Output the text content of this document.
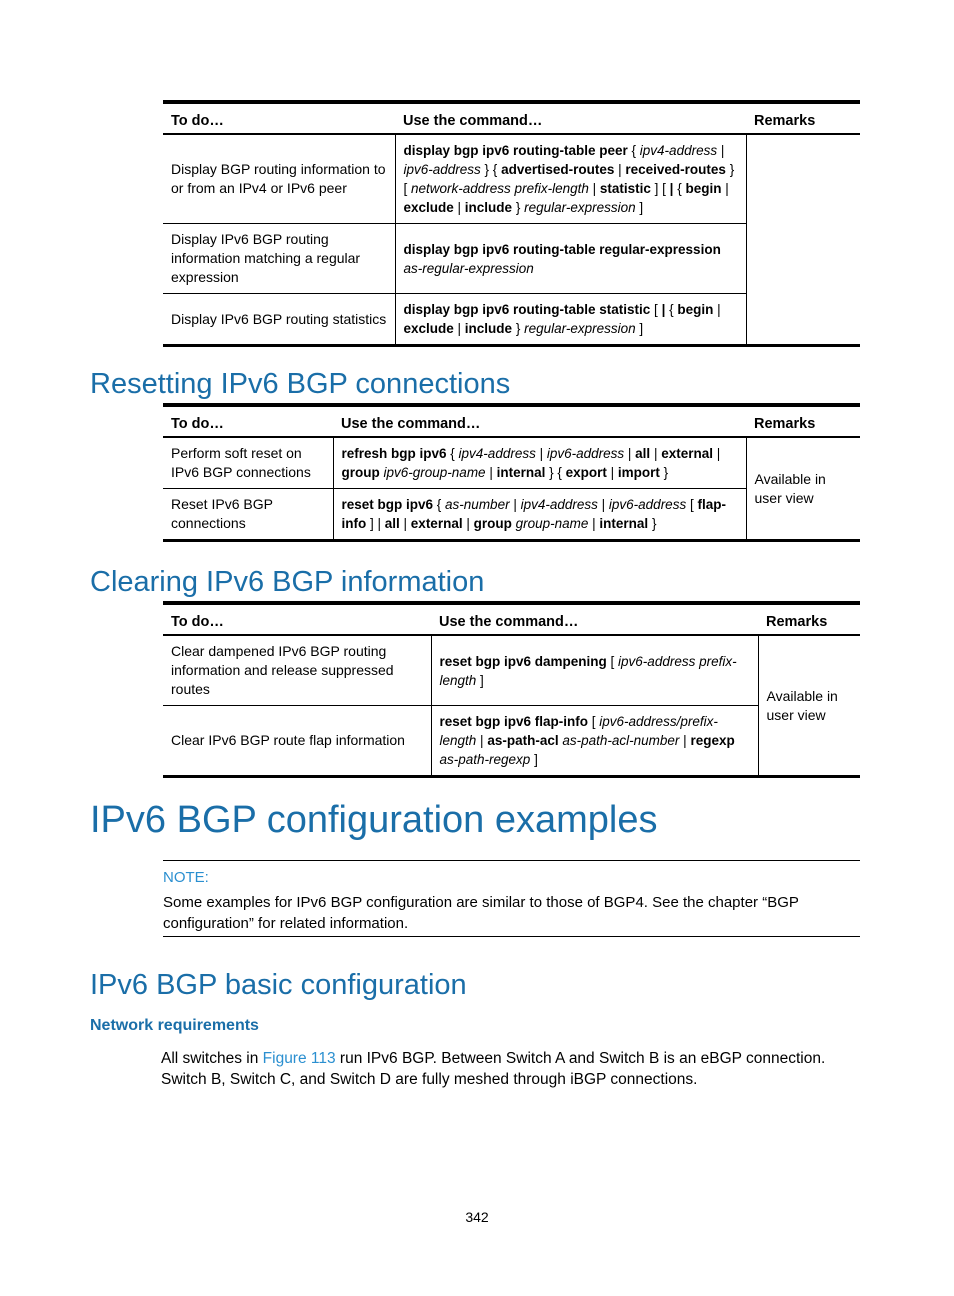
To do…	Use the command…	Remarks
Display BGP routing information to or from an IPv4 or IPv6 peer	display bgp ipv6 routing-table peer { ipv4-address | ipv6-address } { advertised-routes | received-routes } [ network-address prefix-length | statistic ] [ | { begin | exclude | include } regular-expression ]	
Display IPv6 BGP routing information matching a regular expression	display bgp ipv6 routing-table regular-expression as-regular-expression	
Display IPv6 BGP routing statistics	display bgp ipv6 routing-table statistic [ | { begin | exclude | include } regular-expression ]	
Resetting IPv6 BGP connections
To do…	Use the command…	Remarks
Perform soft reset on IPv6 BGP connections	refresh bgp ipv6 { ipv4-address | ipv6-address | all | external | group ipv6-group-name | internal } { export | import }	Available in user view
Reset IPv6 BGP connections	reset bgp ipv6 { as-number | ipv4-address | ipv6-address [ flap-info ] | all | external | group group-name | internal }	
Clearing IPv6 BGP information
To do…	Use the command…	Remarks
Clear dampened IPv6 BGP routing information and release suppressed routes	reset bgp ipv6 dampening [ ipv6-address prefix-length ]	Available in user view
Clear IPv6 BGP route flap information	reset bgp ipv6 flap-info [ ipv6-address/prefix-length | as-path-acl as-path-acl-number | regexp as-path-regexp ]	
IPv6 BGP configuration examples
NOTE:

Some examples for IPv6 BGP configuration are similar to those of BGP4. See the chapter “BGP configuration” for related information.

IPv6 BGP basic configuration
Network requirements

All switches in Figure 113 run IPv6 BGP. Between Switch A and Switch B is an eBGP connection. Switch B, Switch C, and Switch D are fully meshed through iBGP connections.

342
